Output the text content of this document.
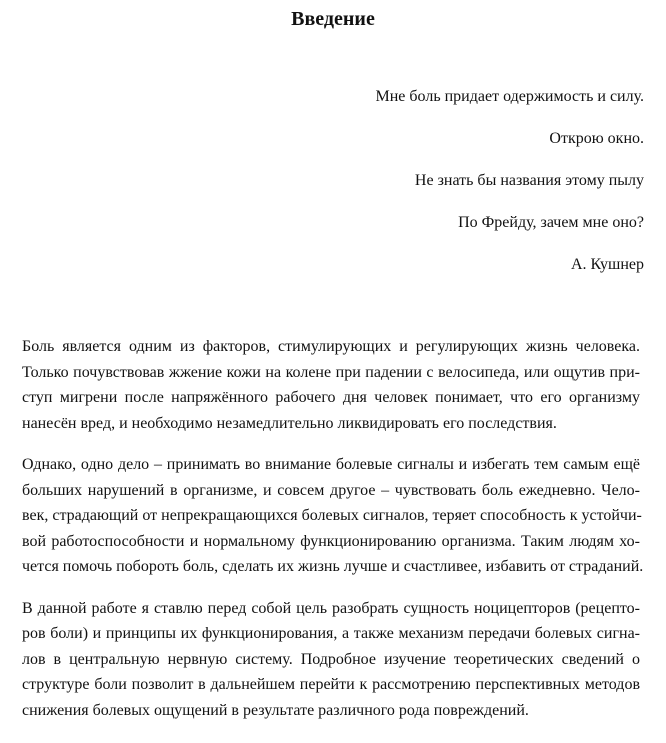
Введение
Мне боль придает одержимость и силу.
Открою окно.
Не знать бы названия этому пылу
По Фрейду, зачем мне оно?
А. Кушнер

Боль является одним из факторов, стимулирующих и регулирующих жизнь человека.
Только почувствовав жжение кожи на колене при падении с велосипеда, или ощутив при-
ступ мигрени после напряжённого рабочего дня человек понимает, что его организму
нанесён вред, и необходимо незамедлительно ликвидировать его последствия.

Однако, одно дело – принимать во внимание болевые сигналы и избегать тем самым ещё
больших нарушений в организме, и совсем другое – чувствовать боль ежедневно. Чело-
век, страдающий от непрекращающихся болевых сигналов, теряет способность к устойчи-
вой работоспособности и нормальному функционированию организма. Таким людям хо-
чется помочь побороть боль, сделать их жизнь лучше и счастливее, избавить от страданий.

В данной работе я ставлю перед собой цель разобрать сущность ноцицепторов (рецепто-
ров боли) и принципы их функционирования, а также механизм передачи болевых сигна-
лов в центральную нервную систему. Подробное изучение теоретических сведений о
структуре боли позволит в дальнейшем перейти к рассмотрению перспективных методов
снижения болевых ощущений в результате различного рода повреждений.
